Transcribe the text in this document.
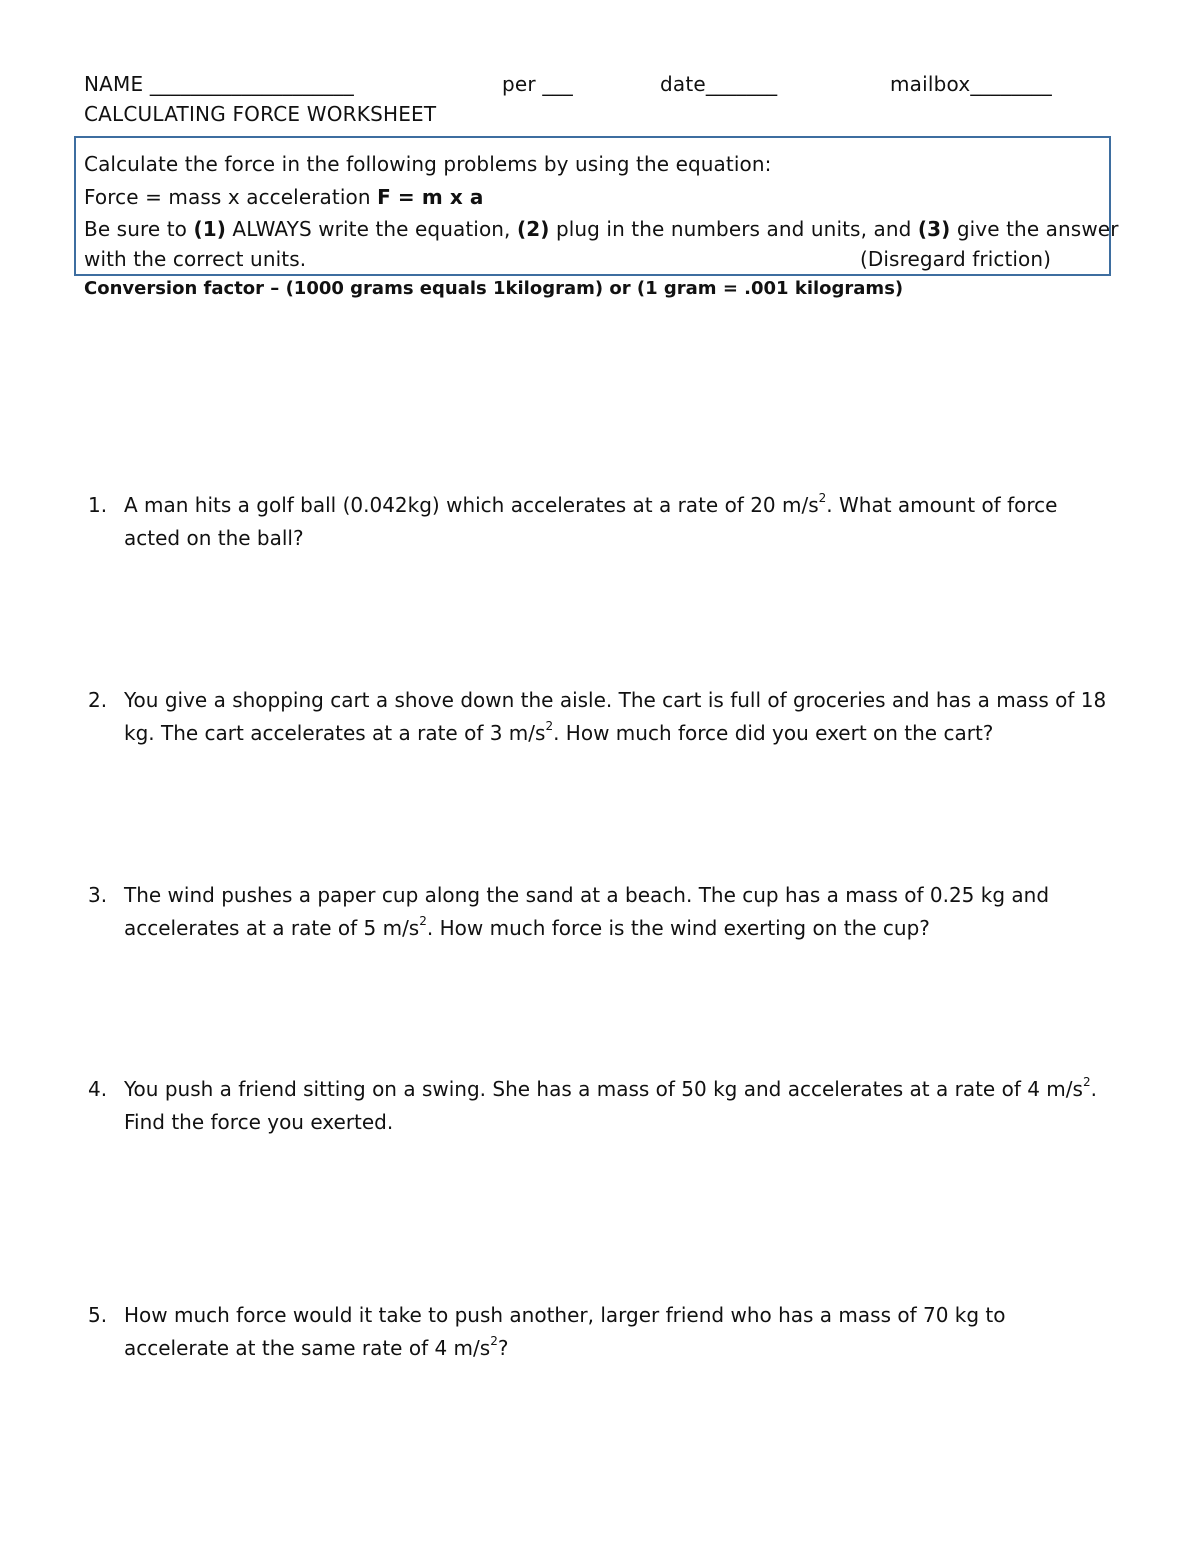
NAME ____________________	per ___	date_______	mailbox________
CALCULATING FORCE WORKSHEET
Calculate the force in the following problems by using the equation:
Force = mass x acceleration F = m x a
Be sure to (1) ALWAYS write the equation, (2) plug in the numbers and units, and (3) give the answer
with the correct units.	(Disregard friction)
Conversion factor – (1000 grams equals 1kilogram) or (1 gram = .001 kilograms)
1. A man hits a golf ball (0.042kg) which accelerates at a rate of 20 $m/s^2$. What amount of force acted on the ball?
2. You give a shopping cart a shove down the aisle. The cart is full of groceries and has a mass of 18 kg. The cart accelerates at a rate of 3 $m/s^2$. How much force did you exert on the cart?
3. The wind pushes a paper cup along the sand at a beach. The cup has a mass of 0.25 kg and accelerates at a rate of 5 $m/s^2$. How much force is the wind exerting on the cup?
4. You push a friend sitting on a swing. She has a mass of 50 kg and accelerates at a rate of 4 $m/s^2$. Find the force you exerted.
5. How much force would it take to push another, larger friend who has a mass of 70 kg to accelerate at the same rate of 4 $m/s^2$?
